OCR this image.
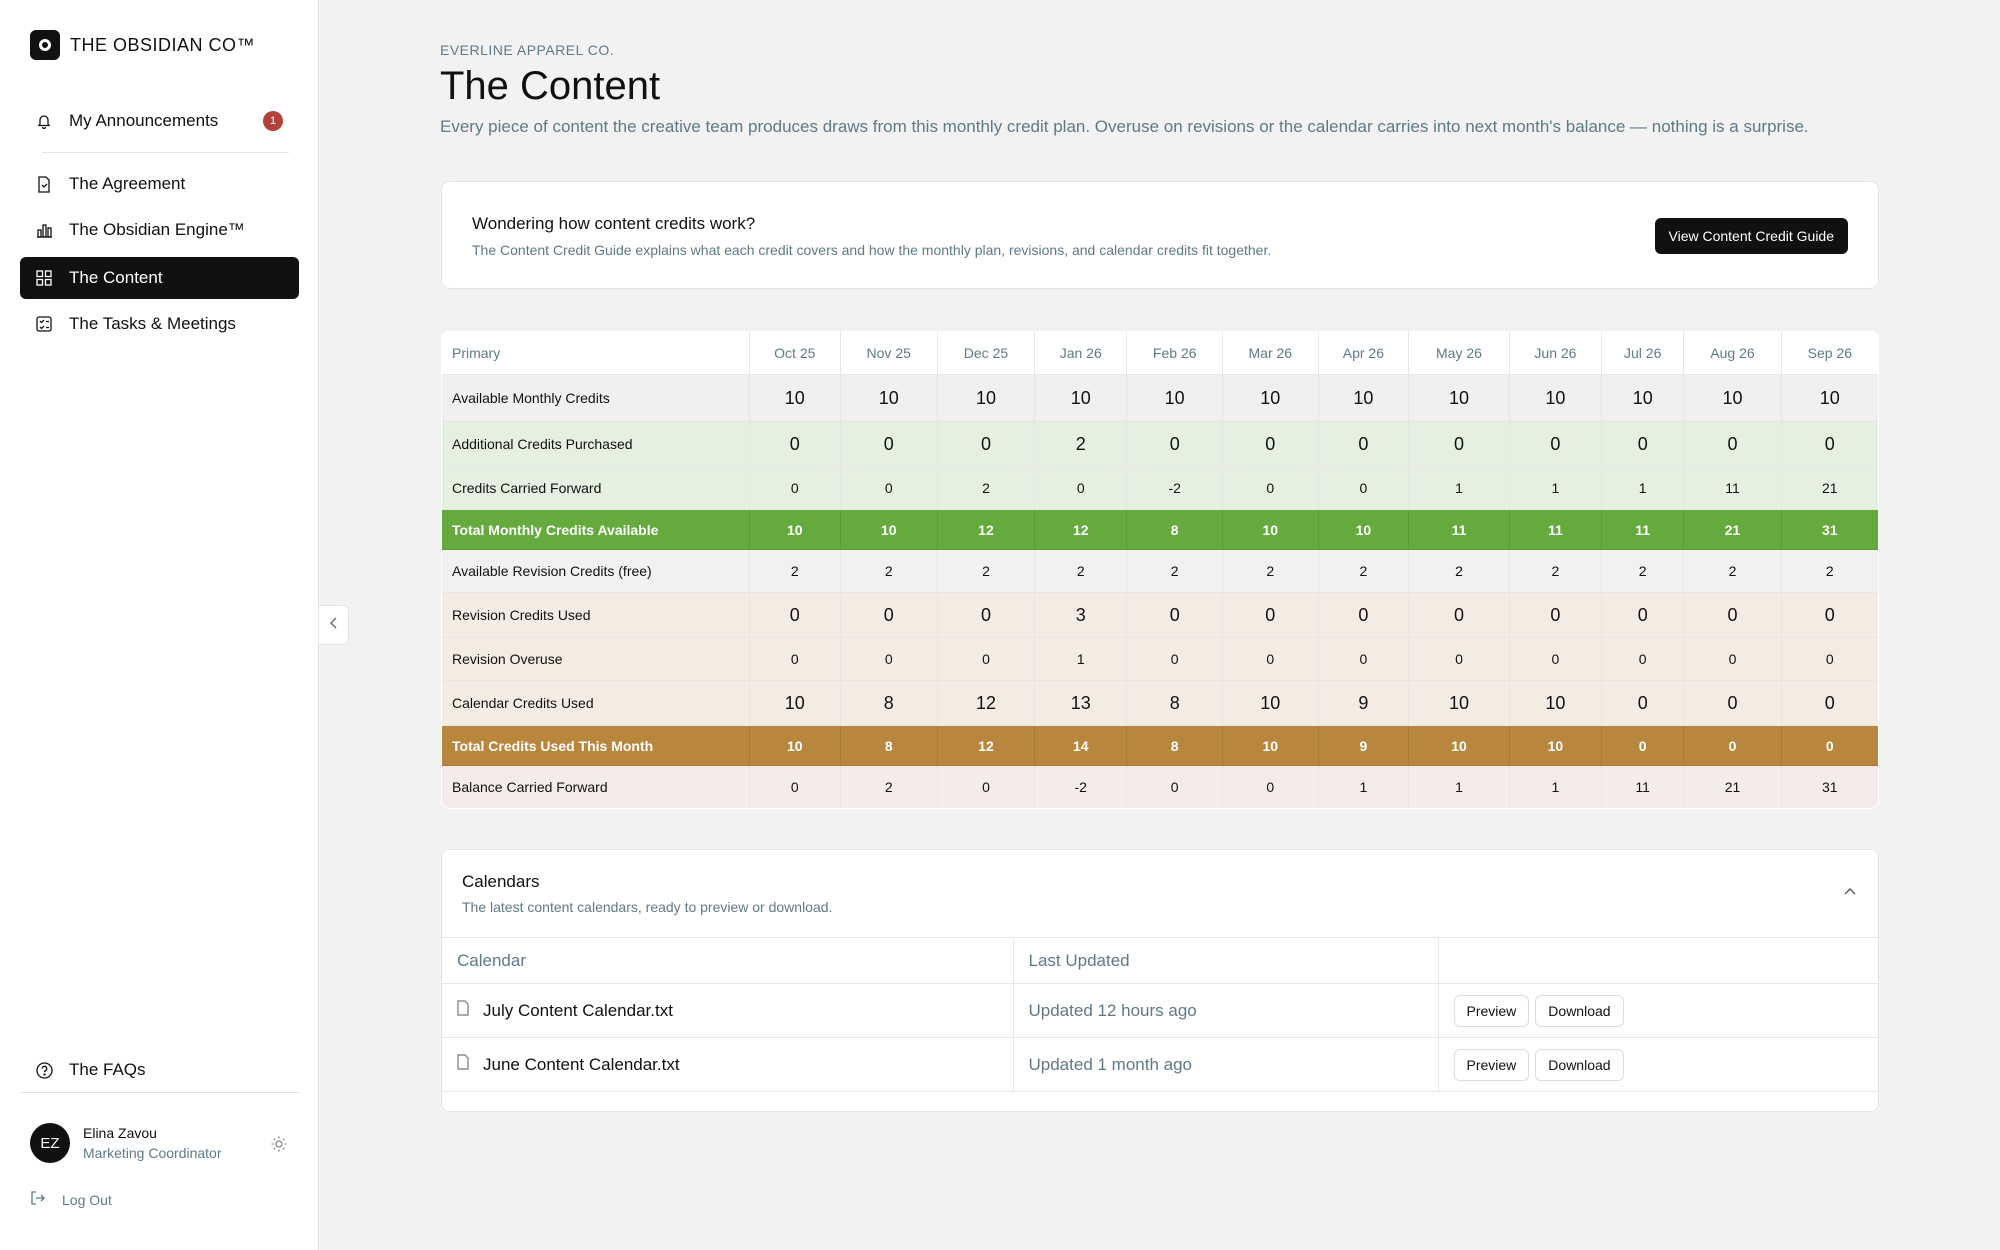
THE OBSIDIAN CO™
My Announcements	1
The Agreement
The Obsidian Engine™
The Content
The Tasks & Meetings
The FAQs
EZ
Elina Zavou
Marketing Coordinator
Log Out
EVERLINE APPAREL CO.
The Content
Every piece of content the creative team produces draws from this monthly credit plan. Overuse on revisions or the calendar carries into next month's balance — nothing is a surprise.
Wondering how content credits work?
The Content Credit Guide explains what each credit covers and how the monthly plan, revisions, and calendar credits fit together.
View Content Credit Guide
Primary	Oct 25	Nov 25	Dec 25	Jan 26	Feb 26	Mar 26	Apr 26	May 26	Jun 26	Jul 26	Aug 26	Sep 26
Available Monthly Credits	10	10	10	10	10	10	10	10	10	10	10	10
Additional Credits Purchased	0	0	0	2	0	0	0	0	0	0	0	0
Credits Carried Forward	0	0	2	0	-2	0	0	1	1	1	11	21
Total Monthly Credits Available	10	10	12	12	8	10	10	11	11	11	21	31
Available Revision Credits (free)	2	2	2	2	2	2	2	2	2	2	2	2
Revision Credits Used	0	0	0	3	0	0	0	0	0	0	0	0
Revision Overuse	0	0	0	1	0	0	0	0	0	0	0	0
Calendar Credits Used	10	8	12	13	8	10	9	10	10	0	0	0
Total Credits Used This Month	10	8	12	14	8	10	9	10	10	0	0	0
Balance Carried Forward	0	2	0	-2	0	0	1	1	1	11	21	31
Calendars
The latest content calendars, ready to preview or download.
Calendar	Last Updated	

July Content Calendar.txt	Updated 12 hours ago	Preview Download

June Content Calendar.txt	Updated 1 month ago	Preview Download
